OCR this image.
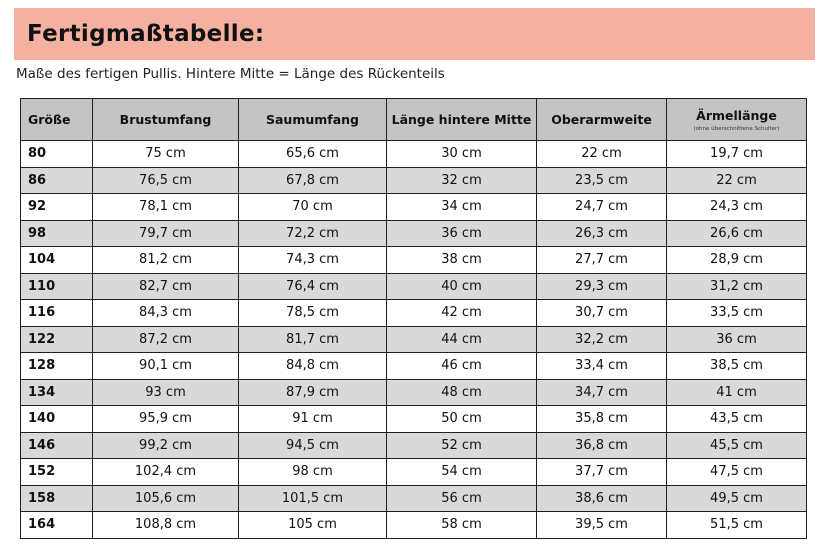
Fertigmaßtabelle:
Maße des fertigen Pullis. Hintere Mitte = Länge des Rückenteils
Größe	Brustumfang	Saumumfang	Länge hintere Mitte	Oberarmweite	Ärmellänge
(ohne überschnittene Schulter)

80	75 cm	65,6 cm	30 cm	22 cm	19,7 cm
86	76,5 cm	67,8 cm	32 cm	23,5 cm	22 cm
92	78,1 cm	70 cm	34 cm	24,7 cm	24,3 cm
98	79,7 cm	72,2 cm	36 cm	26,3 cm	26,6 cm
104	81,2 cm	74,3 cm	38 cm	27,7 cm	28,9 cm
110	82,7 cm	76,4 cm	40 cm	29,3 cm	31,2 cm
116	84,3 cm	78,5 cm	42 cm	30,7 cm	33,5 cm
122	87,2 cm	81,7 cm	44 cm	32,2 cm	36 cm
128	90,1 cm	84,8 cm	46 cm	33,4 cm	38,5 cm
134	93 cm	87,9 cm	48 cm	34,7 cm	41 cm
140	95,9 cm	91 cm	50 cm	35,8 cm	43,5 cm
146	99,2 cm	94,5 cm	52 cm	36,8 cm	45,5 cm
152	102,4 cm	98 cm	54 cm	37,7 cm	47,5 cm
158	105,6 cm	101,5 cm	56 cm	38,6 cm	49,5 cm
164	108,8 cm	105 cm	58 cm	39,5 cm	51,5 cm
